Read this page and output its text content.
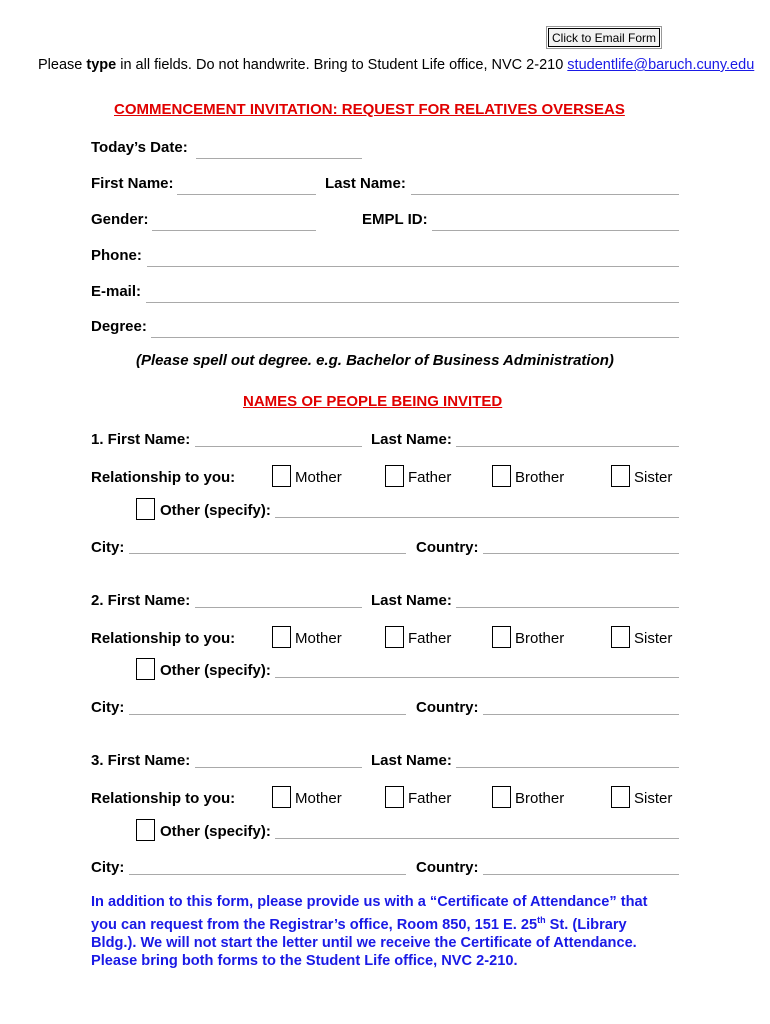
Click to Email Form
Please type in all fields. Do not handwrite. Bring to Student Life office, NVC 2-210 studentlife@baruch.cuny.edu
COMMENCEMENT INVITATION: REQUEST FOR RELATIVES OVERSEAS
Today’s Date:
First Name:	Last Name:
Gender:	EMPL ID:
Phone:
E-mail:
Degree:
(Please spell out degree. e.g. Bachelor of Business Administration)
NAMES OF PEOPLE BEING INVITED
1. First Name:	Last Name:
Relationship to you:	Mother	Father	Brother	Sister
Other (specify):
City:	Country:
2. First Name:	Last Name:
Relationship to you:	Mother	Father	Brother	Sister
Other (specify):
City:	Country:
3. First Name:	Last Name:
Relationship to you:	Mother	Father	Brother	Sister
Other (specify):
City:	Country:
In addition to this form, please provide us with a “Certificate of Attendance” that
you can request from the Registrar’s office, Room 850, 151 E. 25th St. (Library
Bldg.). We will not start the letter until we receive the Certificate of Attendance.
Please bring both forms to the Student Life office, NVC 2-210.
